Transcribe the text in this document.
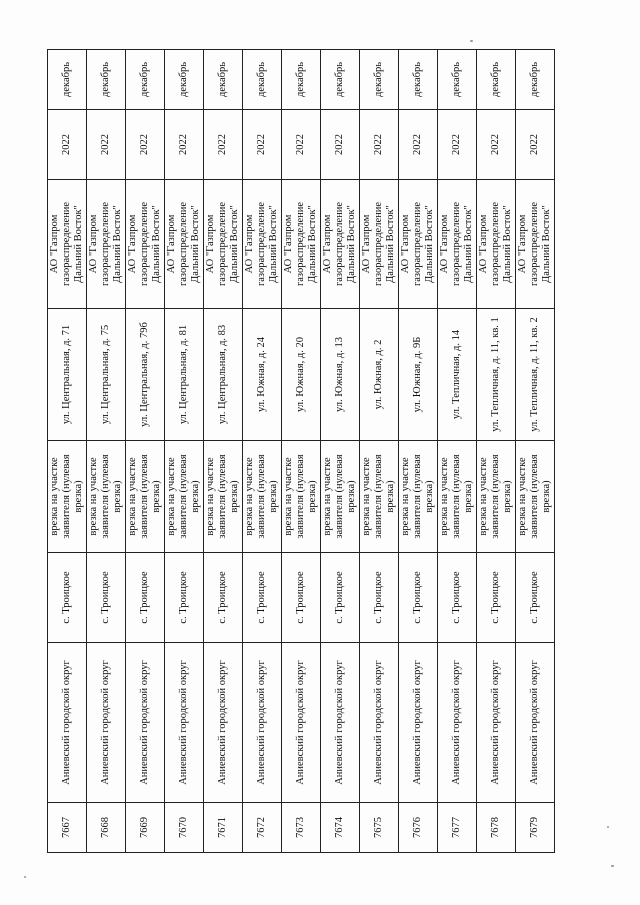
7667	Аниевский городской округ	с. Троицкое	врезка на участке заявителя (нулевая врезка)	ул. Центральная, д. 71	АО "Газпром газораспределение Дальний Восток"	2022	декабрь
7668	Аниевский городской округ	с. Троицкое	врезка на участке заявителя (нулевая врезка)	ул. Центральная, д. 75	АО "Газпром газораспределение Дальний Восток"	2022	декабрь
7669	Аниевский городской округ	с. Троицкое	врезка на участке заявителя (нулевая врезка)	ул. Центральная, д. 79б	АО "Газпром газораспределение Дальний Восток"	2022	декабрь
7670	Аниевский городской округ	с. Троицкое	врезка на участке заявителя (нулевая врезка)	ул. Центральная, д. 81	АО "Газпром газораспределение Дальний Восток"	2022	декабрь
7671	Аниевский городской округ	с. Троицкое	врезка на участке заявителя (нулевая врезка)	ул. Центральная, д. 83	АО "Газпром газораспределение Дальний Восток"	2022	декабрь
7672	Аниевский городской округ	с. Троицкое	врезка на участке заявителя (нулевая врезка)	ул. Южная, д. 24	АО "Газпром газораспределение Дальний Восток"	2022	декабрь
7673	Аниевский городской округ	с. Троицкое	врезка на участке заявителя (нулевая врезка)	ул. Южная, д. 20	АО "Газпром газораспределение Дальний Восток"	2022	декабрь
7674	Аниевский городской округ	с. Троицкое	врезка на участке заявителя (нулевая врезка)	ул. Южная, д. 13	АО "Газпром газораспределение Дальний Восток"	2022	декабрь
7675	Аниевский городской округ	с. Троицкое	врезка на участке заявителя (нулевая врезка)	ул. Южная, д. 2	АО "Газпром газораспределение Дальний Восток"	2022	декабрь
7676	Аниевский городской округ	с. Троицкое	врезка на участке заявителя (нулевая врезка)	ул. Южная, д. 9Б	АО "Газпром газораспределение Дальний Восток"	2022	декабрь
7677	Аниевский городской округ	с. Троицкое	врезка на участке заявителя (нулевая врезка)	ул. Тепличная, д. 14	АО "Газпром газораспределение Дальний Восток"	2022	декабрь
7678	Аниевский городской округ	с. Троицкое	врезка на участке заявителя (нулевая врезка)	ул. Тепличная, д. 11, кв. 1	АО "Газпром газораспределение Дальний Восток"	2022	декабрь
7679	Аниевский городской округ	с. Троицкое	врезка на участке заявителя (нулевая врезка)	ул. Тепличная, д. 11, кв. 2	АО "Газпром газораспределение Дальний Восток"	2022	декабрь
